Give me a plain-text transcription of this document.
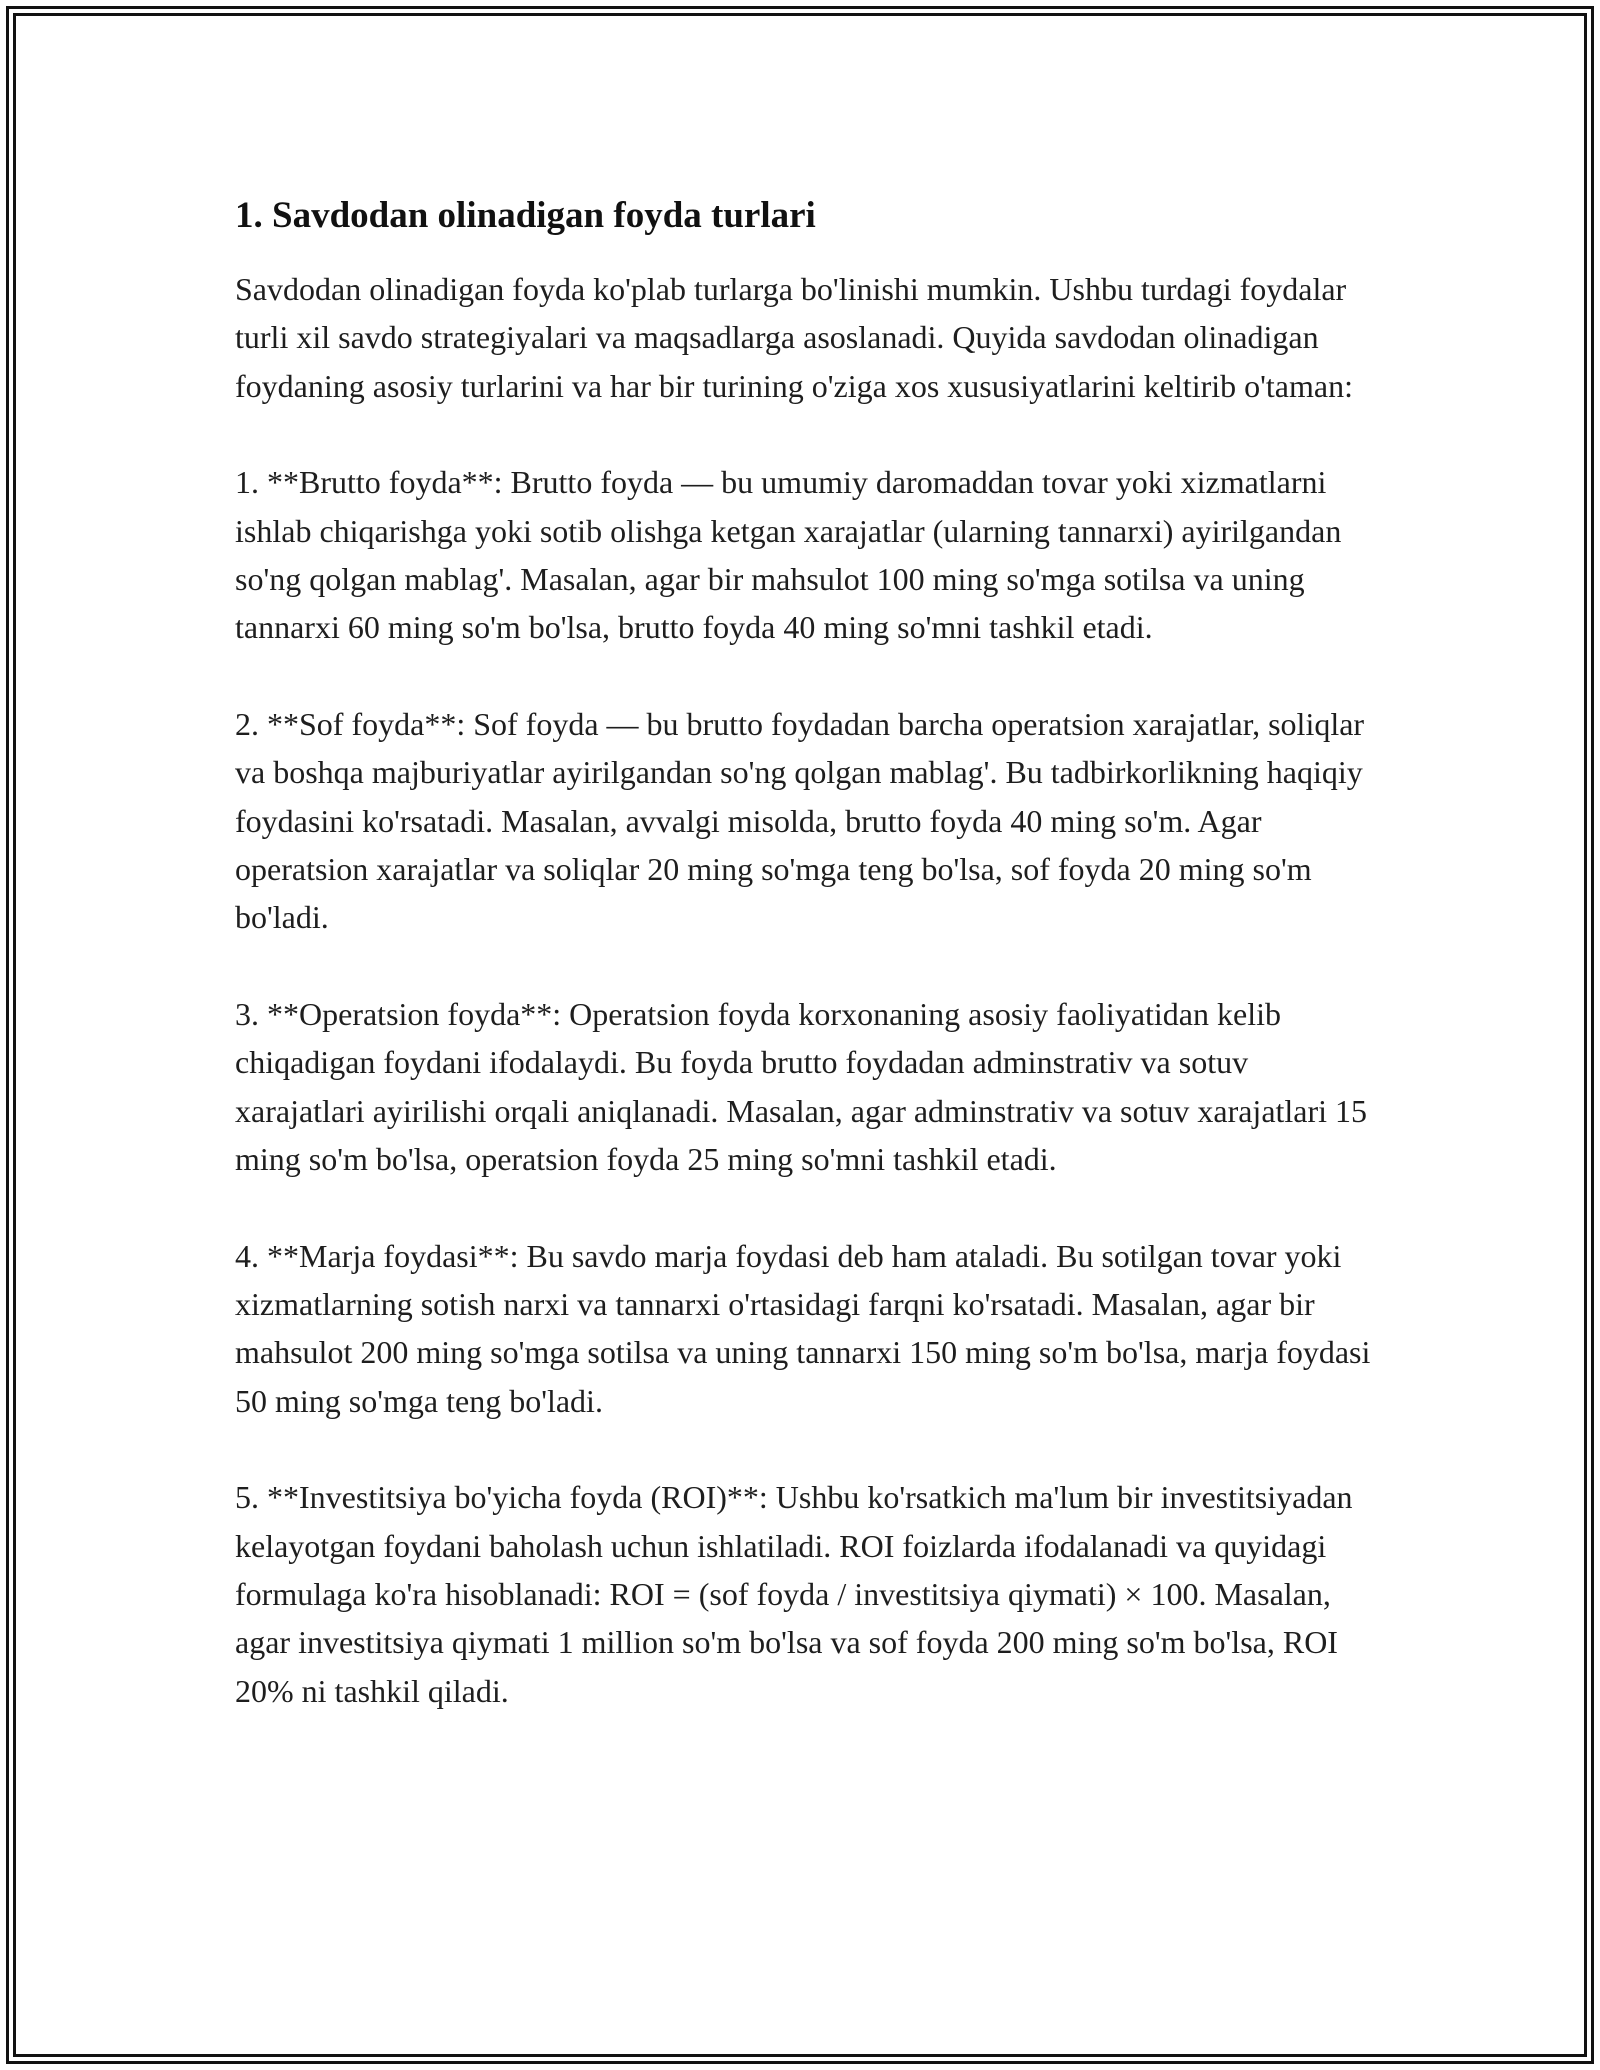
1. Savdodan olinadigan foyda turlari

Savdodan olinadigan foyda ko'plab turlarga bo'linishi mumkin. Ushbu turdagi foydalar turli xil savdo strategiyalari va maqsadlarga asoslanadi. Quyida savdodan olinadigan foydaning asosiy turlarini va har bir turining o'ziga xos xususiyatlarini keltirib o'taman:

1. **Brutto foyda**: Brutto foyda — bu umumiy daromaddan tovar yoki xizmatlarni ishlab chiqarishga yoki sotib olishga ketgan xarajatlar (ularning tannarxi) ayirilgandan so'ng qolgan mablag'. Masalan, agar bir mahsulot 100 ming so'mga sotilsa va uning tannarxi 60 ming so'm bo'lsa, brutto foyda 40 ming so'mni tashkil etadi.

2. **Sof foyda**: Sof foyda — bu brutto foydadan barcha operatsion xarajatlar, soliqlar va boshqa majburiyatlar ayirilgandan so'ng qolgan mablag'. Bu tadbirkorlikning haqiqiy foydasini ko'rsatadi. Masalan, avvalgi misolda, brutto foyda 40 ming so'm. Agar operatsion xarajatlar va soliqlar 20 ming so'mga teng bo'lsa, sof foyda 20 ming so'm bo'ladi.

3. **Operatsion foyda**: Operatsion foyda korxonaning asosiy faoliyatidan kelib chiqadigan foydani ifodalaydi. Bu foyda brutto foydadan adminstrativ va sotuv xarajatlari ayirilishi orqali aniqlanadi. Masalan, agar adminstrativ va sotuv xarajatlari 15 ming so'm bo'lsa, operatsion foyda 25 ming so'mni tashkil etadi.

4. **Marja foydasi**: Bu savdo marja foydasi deb ham ataladi. Bu sotilgan tovar yoki xizmatlarning sotish narxi va tannarxi o'rtasidagi farqni ko'rsatadi. Masalan, agar bir mahsulot 200 ming so'mga sotilsa va uning tannarxi 150 ming so'm bo'lsa, marja foydasi 50 ming so'mga teng bo'ladi.

5. **Investitsiya bo'yicha foyda (ROI)**: Ushbu ko'rsatkich ma'lum bir investitsiyadan kelayotgan foydani baholash uchun ishlatiladi. ROI foizlarda ifodalanadi va quyidagi formulaga ko'ra hisoblanadi: ROI = (sof foyda / investitsiya qiymati) × 100. Masalan, agar investitsiya qiymati 1 million so'm bo'lsa va sof foyda 200 ming so'm bo'lsa, ROI 20% ni tashkil qiladi.
